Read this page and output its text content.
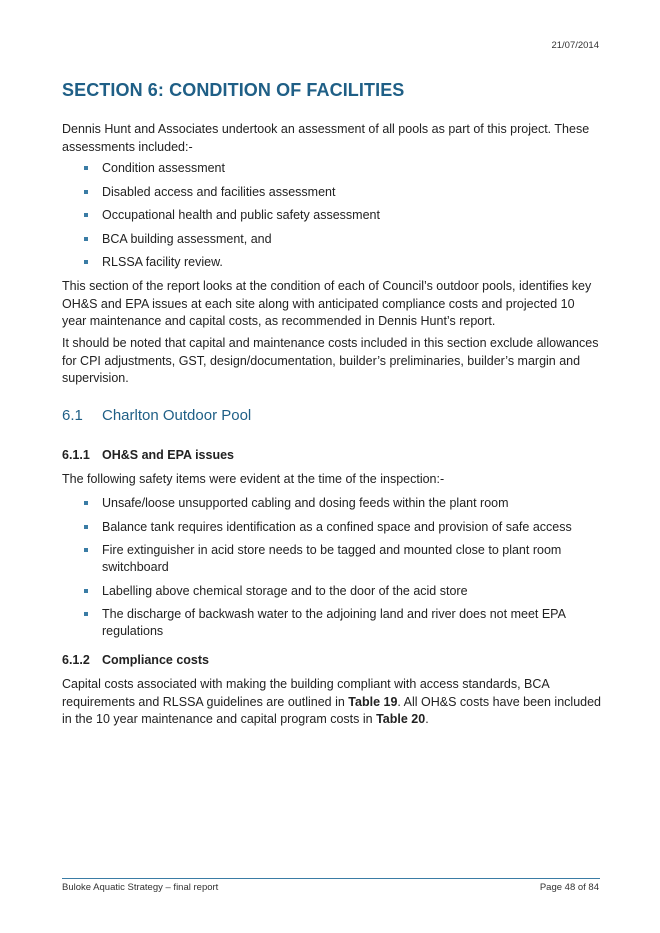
21/07/2014
SECTION 6: CONDITION OF FACILITIES

Dennis Hunt and Associates undertook an assessment of all pools as part of this project. These assessments included:-

Condition assessment
Disabled access and facilities assessment
Occupational health and public safety assessment
BCA building assessment, and
RLSSA facility review.

This section of the report looks at the condition of each of Council’s outdoor pools, identifies key OH&S and EPA issues at each site along with anticipated compliance costs and projected 10 year maintenance and capital costs, as recommended in Dennis Hunt’s report.

It should be noted that capital and maintenance costs included in this section exclude allowances for CPI adjustments, GST, design/documentation, builder’s preliminaries, builder’s margin and supervision.

6.1 Charlton Outdoor Pool
6.1.1 OH&S and EPA issues

The following safety items were evident at the time of the inspection:-

Unsafe/loose unsupported cabling and dosing feeds within the plant room
Balance tank requires identification as a confined space and provision of safe access
Fire extinguisher in acid store needs to be tagged and mounted close to plant room switchboard
Labelling above chemical storage and to the door of the acid store
The discharge of backwash water to the adjoining land and river does not meet EPA regulations
6.1.2 Compliance costs

Capital costs associated with making the building compliant with access standards, BCA requirements and RLSSA guidelines are outlined in Table 19. All OH&S costs have been included in the 10 year maintenance and capital program costs in Table 20.

Buloke Aquatic Strategy – final report	Page 48 of 84
